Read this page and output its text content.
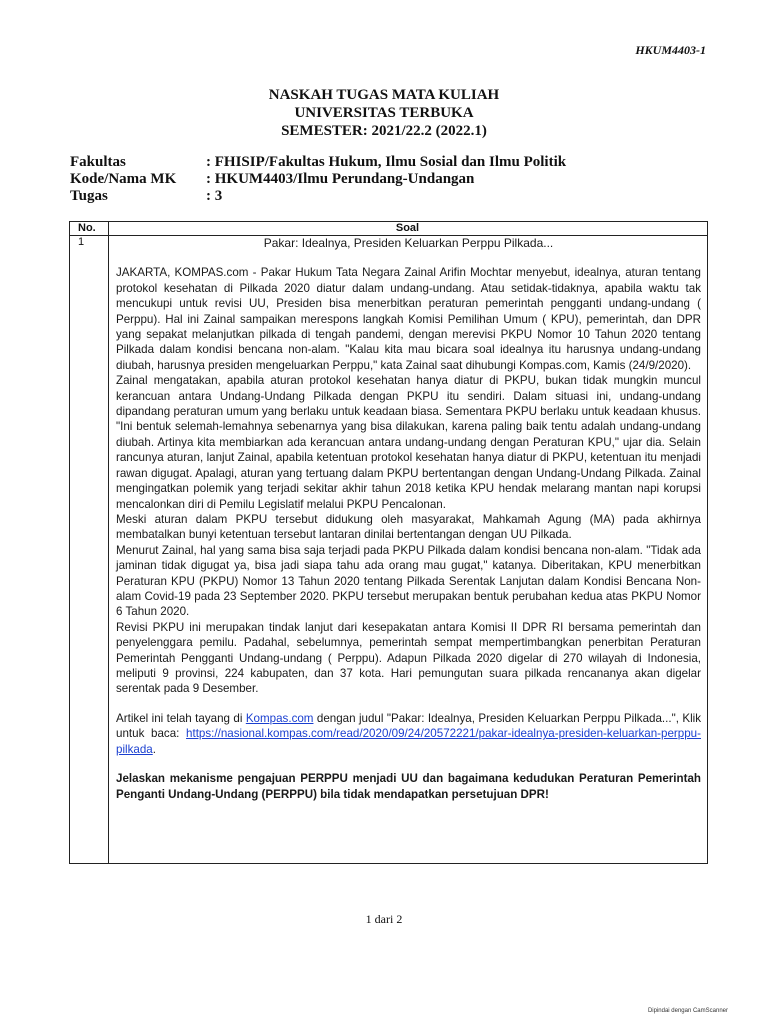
HKUM4403-1
NASKAH TUGAS MATA KULIAH
UNIVERSITAS TERBUKA
SEMESTER: 2021/22.2 (2022.1)
Fakultas	: FHISIP/Fakultas Hukum, Ilmu Sosial dan Ilmu Politik
Kode/Nama MK	: HKUM4403/Ilmu Perundang-Undangan
Tugas	: 3
No.	Soal
1	Pakar: Idealnya, Presiden Keluarkan Perppu Pilkada...

JAKARTA, KOMPAS.com - Pakar Hukum Tata Negara Zainal Arifin Mochtar menyebut, idealnya, aturan tentang protokol kesehatan di Pilkada 2020 diatur dalam undang-undang. Atau setidak-tidaknya, apabila waktu tak mencukupi untuk revisi UU, Presiden bisa menerbitkan peraturan pemerintah pengganti undang-undang ( Perppu). Hal ini Zainal sampaikan merespons langkah Komisi Pemilihan Umum ( KPU), pemerintah, dan DPR yang sepakat melanjutkan pilkada di tengah pandemi, dengan merevisi PKPU Nomor 10 Tahun 2020 tentang Pilkada dalam kondisi bencana non-alam. "Kalau kita mau bicara soal idealnya itu harusnya undang-undang diubah, harusnya presiden mengeluarkan Perppu," kata Zainal saat dihubungi Kompas.com, Kamis (24/9/2020).

Zainal mengatakan, apabila aturan protokol kesehatan hanya diatur di PKPU, bukan tidak mungkin muncul kerancuan antara Undang-Undang Pilkada dengan PKPU itu sendiri. Dalam situasi ini, undang-undang dipandang peraturan umum yang berlaku untuk keadaan biasa. Sementara PKPU berlaku untuk keadaan khusus. "Ini bentuk selemah-lemahnya sebenarnya yang bisa dilakukan, karena paling baik tentu adalah undang-undang diubah. Artinya kita membiarkan ada kerancuan antara undang-undang dengan Peraturan KPU," ujar dia. Selain rancunya aturan, lanjut Zainal, apabila ketentuan protokol kesehatan hanya diatur di PKPU, ketentuan itu menjadi rawan digugat. Apalagi, aturan yang tertuang dalam PKPU bertentangan dengan Undang-Undang Pilkada. Zainal mengingatkan polemik yang terjadi sekitar akhir tahun 2018 ketika KPU hendak melarang mantan napi korupsi mencalonkan diri di Pemilu Legislatif melalui PKPU Pencalonan.

Meski aturan dalam PKPU tersebut didukung oleh masyarakat, Mahkamah Agung (MA) pada akhirnya membatalkan bunyi ketentuan tersebut lantaran dinilai bertentangan dengan UU Pilkada.

Menurut Zainal, hal yang sama bisa saja terjadi pada PKPU Pilkada dalam kondisi bencana non-alam. "Tidak ada jaminan tidak digugat ya, bisa jadi siapa tahu ada orang mau gugat," katanya. Diberitakan, KPU menerbitkan Peraturan KPU (PKPU) Nomor 13 Tahun 2020 tentang Pilkada Serentak Lanjutan dalam Kondisi Bencana Non-alam Covid-19 pada 23 September 2020. PKPU tersebut merupakan bentuk perubahan kedua atas PKPU Nomor 6 Tahun 2020.

Revisi PKPU ini merupakan tindak lanjut dari kesepakatan antara Komisi II DPR RI bersama pemerintah dan penyelenggara pemilu. Padahal, sebelumnya, pemerintah sempat mempertimbangkan penerbitan Peraturan Pemerintah Pengganti Undang-undang ( Perppu). Adapun Pilkada 2020 digelar di 270 wilayah di Indonesia, meliputi 9 provinsi, 224 kabupaten, dan 37 kota. Hari pemungutan suara pilkada rencananya akan digelar serentak pada 9 Desember.

Artikel ini telah tayang di Kompas.com dengan judul "Pakar: Idealnya, Presiden Keluarkan Perppu Pilkada...", Klik untuk baca: https://nasional.kompas.com/read/2020/09/24/20572221/pakar-idealnya-presiden-keluarkan-perppu-pilkada.

Jelaskan mekanisme pengajuan PERPPU menjadi UU dan bagaimana kedudukan Peraturan Pemerintah Penganti Undang-Undang (PERPPU) bila tidak mendapatkan persetujuan DPR!

1 dari 2
Dipindai dengan CamScanner
